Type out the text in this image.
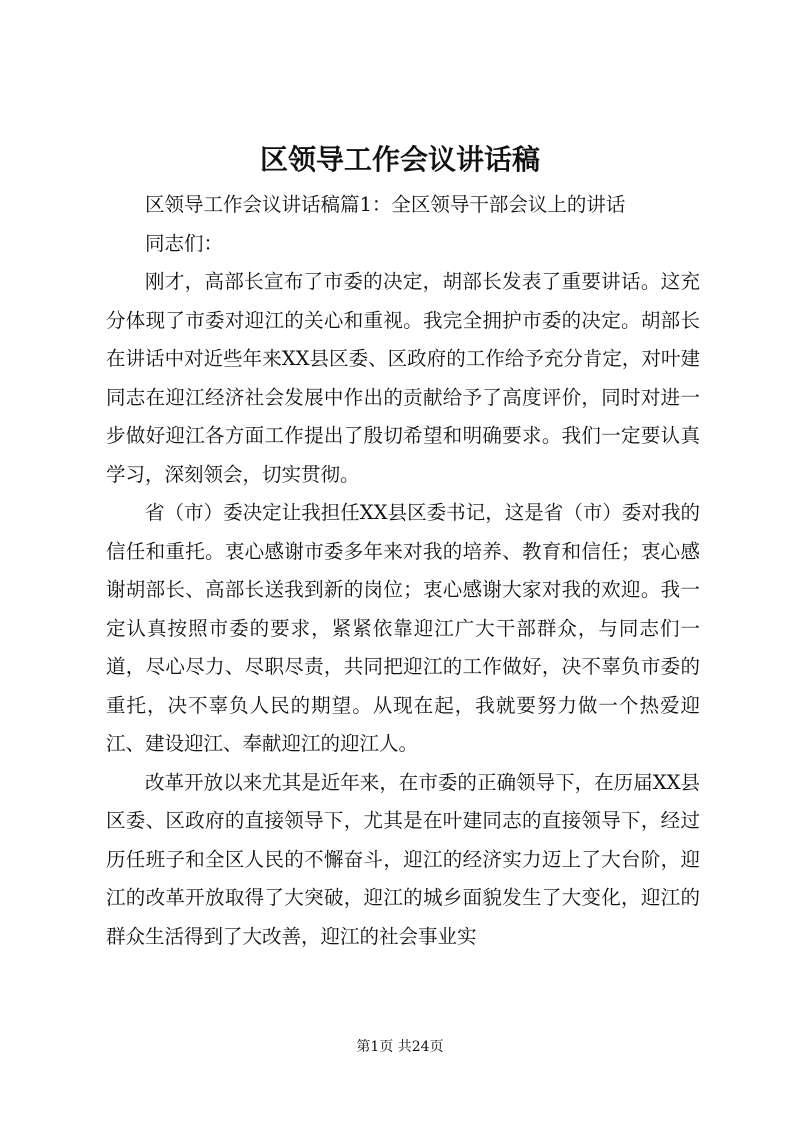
区领导工作会议讲话稿

区领导工作会议讲话稿篇1：全区领导干部会议上的讲话

同志们：

刚才，高部长宣布了市委的决定，胡部长发表了重要讲话。这充分体现了市委对迎江的关心和重视。我完全拥护市委的决定。胡部长在讲话中对近些年来XX县区委、区政府的工作给予充分肯定，对叶建同志在迎江经济社会发展中作出的贡献给予了高度评价，同时对进一步做好迎江各方面工作提出了殷切希望和明确要求。我们一定要认真学习，深刻领会，切实贯彻。

省（市）委决定让我担任XX县区委书记，这是省（市）委对我的信任和重托。衷心感谢市委多年来对我的培养、教育和信任；衷心感谢胡部长、高部长送我到新的岗位；衷心感谢大家对我的欢迎。我一定认真按照市委的要求，紧紧依靠迎江广大干部群众，与同志们一道，尽心尽力、尽职尽责，共同把迎江的工作做好，决不辜负市委的重托，决不辜负人民的期望。从现在起，我就要努力做一个热爱迎江、建设迎江、奉献迎江的迎江人。

改革开放以来尤其是近年来，在市委的正确领导下，在历届XX县区委、区政府的直接领导下，尤其是在叶建同志的直接领导下，经过历任班子和全区人民的不懈奋斗，迎江的经济实力迈上了大台阶，迎江的改革开放取得了大突破，迎江的城乡面貌发生了大变化，迎江的群众生活得到了大改善，迎江的社会事业实

第1页 共24页
